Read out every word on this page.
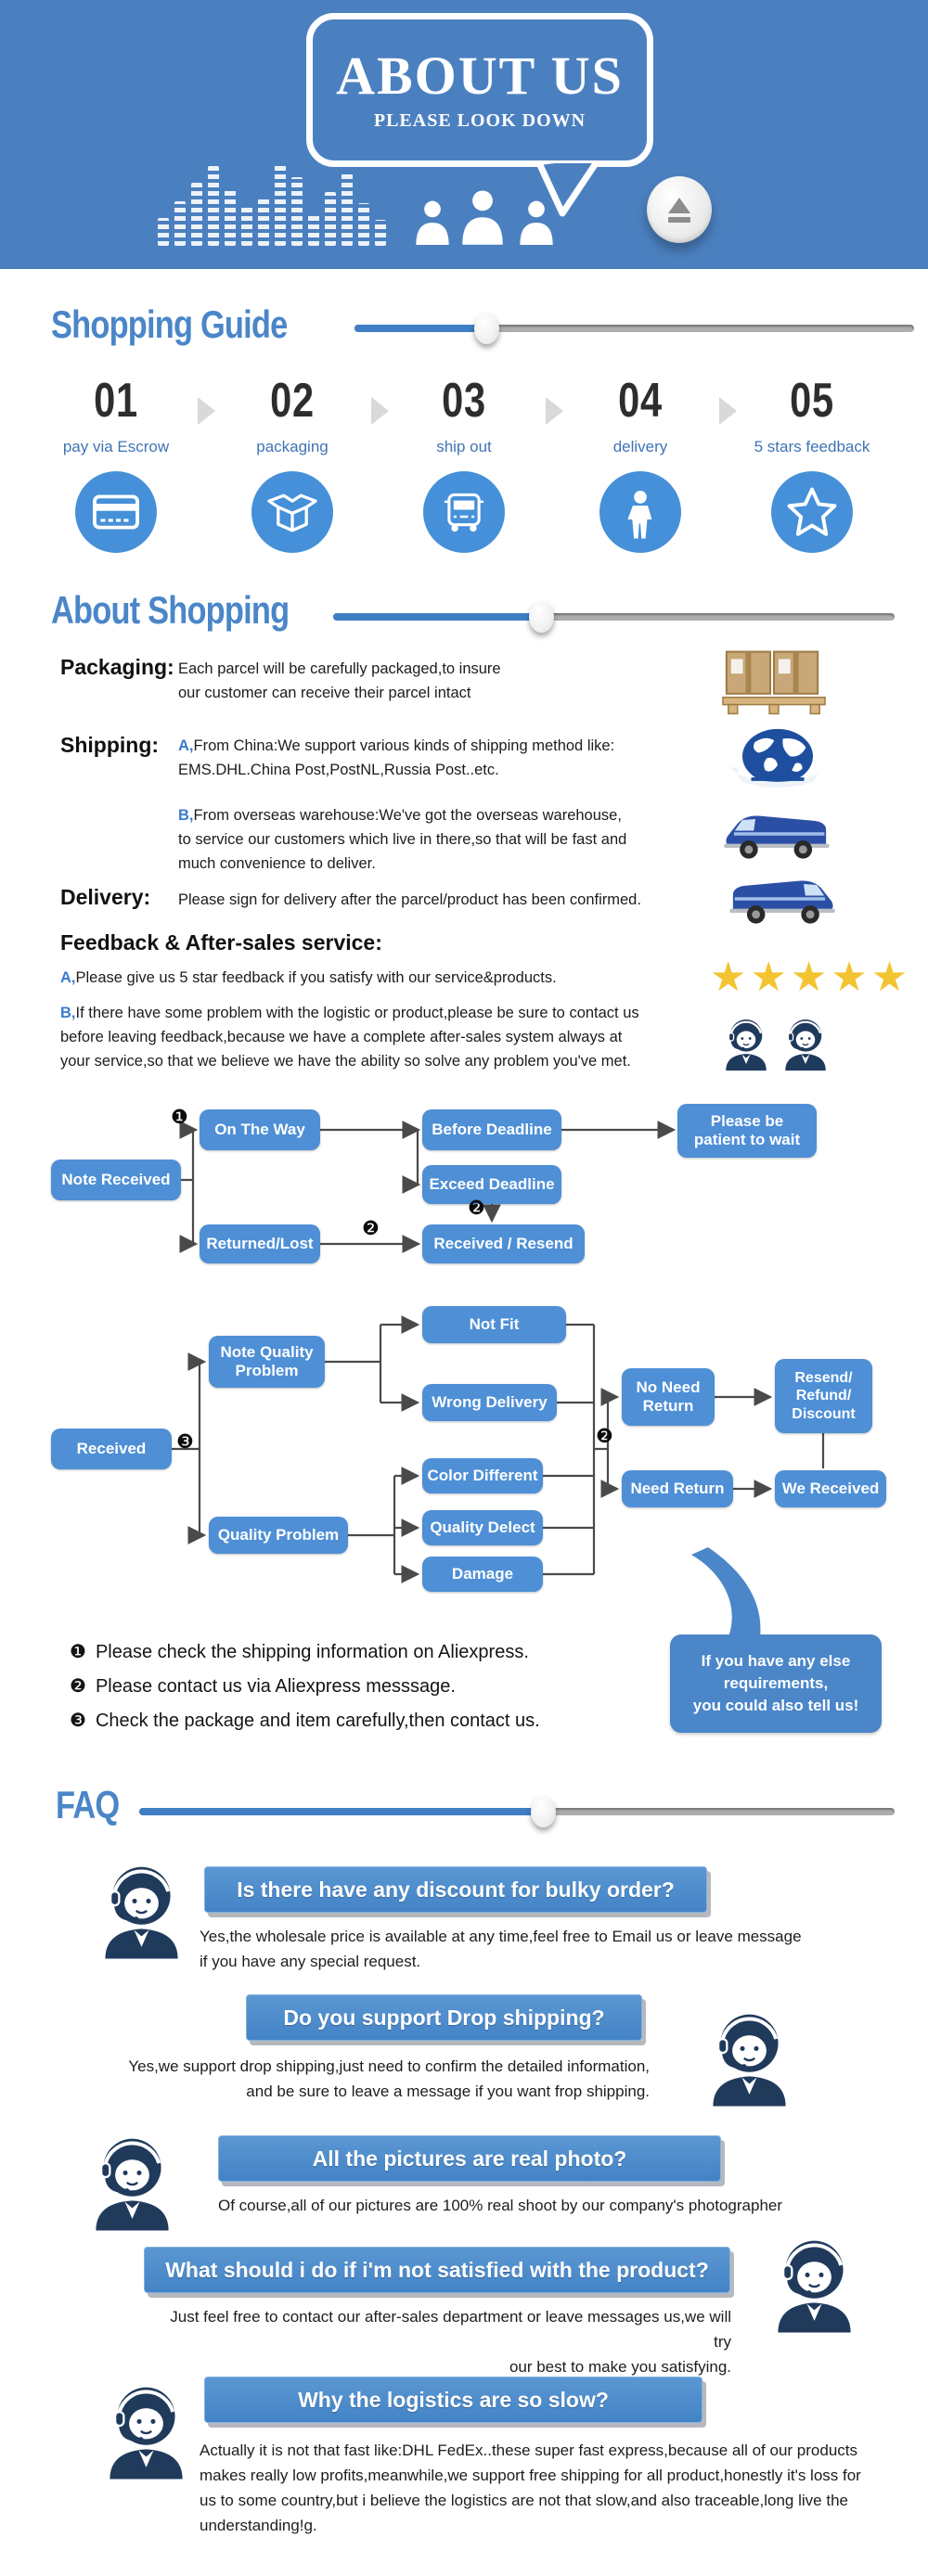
ABOUT US
PLEASE LOOK DOWN
Shopping Guide
01
pay via Escrow
02
packaging
03
ship out
04
delivery
05
5 stars feedback
About Shopping
Packaging: Each parcel will be carefully packaged,to insure
our customer can receive their parcel intact
Shipping: A,From China:We support various kinds of shipping method like:
EMS.DHL.China Post,PostNL,Russia Post..etc.
B,From overseas warehouse:We've got the overseas warehouse,
to service our customers which live in there,so that will be fast and
much convenience to deliver.
Delivery: Please sign for delivery after the parcel/product has been confirmed.
Feedback & After-sales service:
A,Please give us 5 star feedback if you satisfy with our service&products.
B,If there have some problem with the logistic or product,please be sure to contact us
before leaving feedback,because we have a complete after-sales system always at
your service,so that we believe we have the ability so solve any problem you've met.
★★★★★
Note Received
On The Way	Before Deadline	Please be
patient to wait
Exceed Deadline
Returned/Lost	Received / Resend
❶
❷
❷
Received
Note Quality
Problem
Quality Problem
Not Fit
Wrong Delivery
Color Different
Quality Delect
Damage
No Need
Return
Need Return
Resend/
Refund/
Discount
We Received
❸	❷
❶ Please check the shipping information on Aliexpress.
❷ Please contact us via Aliexpress messsage.
❸ Check the package and item carefully,then contact us.
If you have any else
requirements,
you could also tell us!
FAQ
Is there have any discount for bulky order?
Yes,the wholesale price is available at any time,feel free to Email us or leave message
if you have any special request.
Do you support Drop shipping?
Yes,we support drop shipping,just need to confirm the detailed information,
and be sure to leave a message if you want frop shipping.
All the pictures are real photo?
Of course,all of our pictures are 100% real shoot by our company's photographer
What should i do if i'm not satisfied with the product?
Just feel free to contact our after-sales department or leave messages us,we will try
our best to make you satisfying.
Why the logistics are so slow?
Actually it is not that fast like:DHL FedEx..these super fast express,because all of our products
makes really low profits,meanwhile,we support free shipping for all product,honestly it's loss for
us to some country,but i believe the logistics are not that slow,and also traceable,long live the
understanding!g.
